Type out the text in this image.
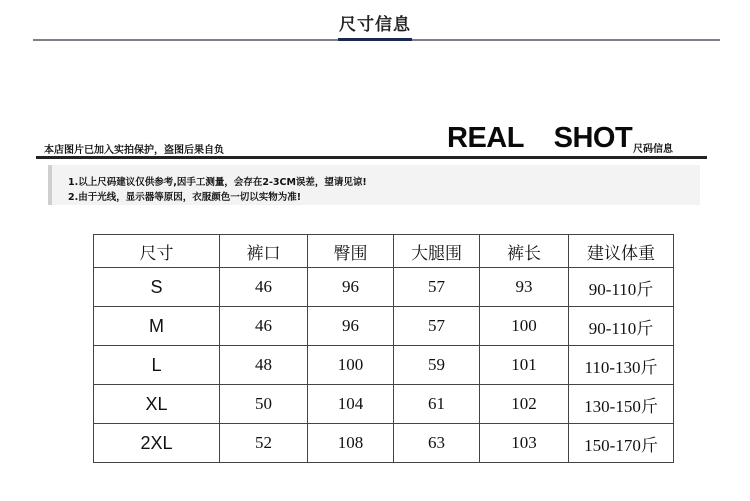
尺寸信息
本店图片已加入实拍保护，盗图后果自负	REAL    SHOT 尺码信息
1.以上尺码建议仅供参考,因手工测量，会存在2-3CM误差，望请见谅!
2.由于光线，显示器等原因，衣服颜色一切以实物为准!
尺寸	裤口	臀围	大腿围	裤长	建议体重
S	46	96	57	93	90-110斤
M	46	96	57	100	90-110斤
L	48	100	59	101	110-130斤
XL	50	104	61	102	130-150斤
2XL	52	108	63	103	150-170斤
